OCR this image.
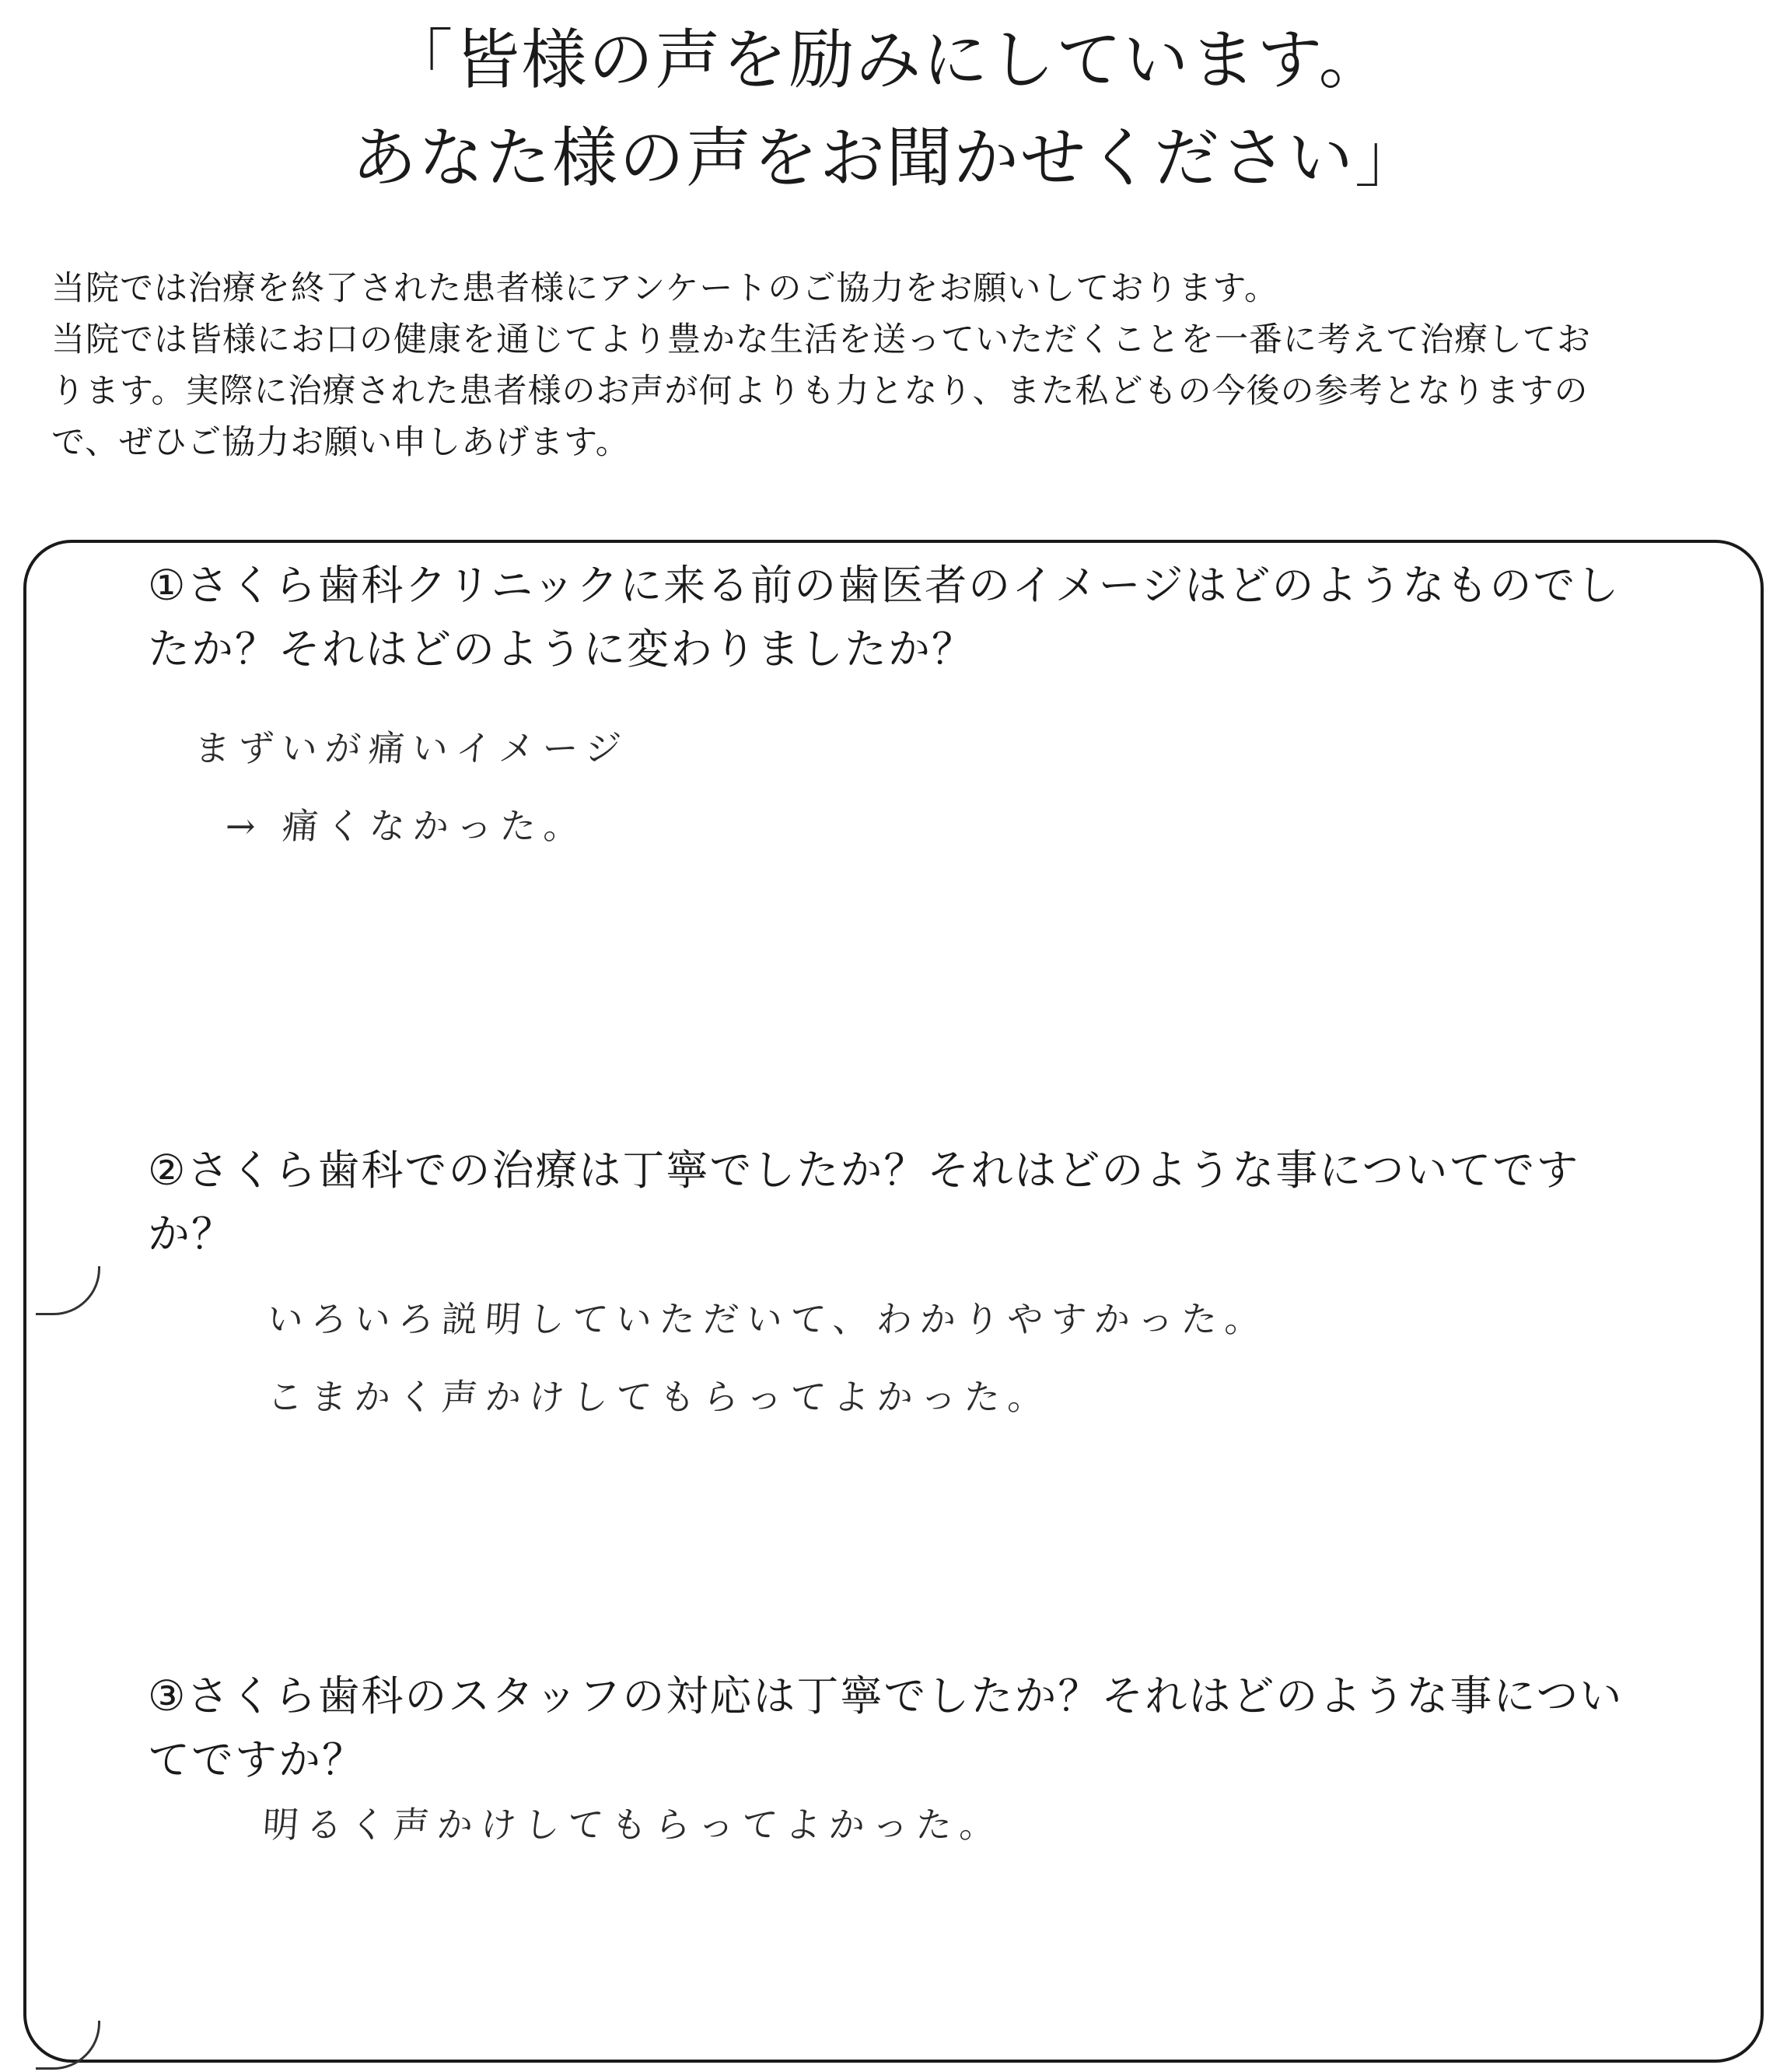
「皆様の声を励みにしています。
あなた様の声をお聞かせください」

当院では治療を終了された患者様にアンケートのご協力をお願いしております。

当院では皆様にお口の健康を通じてより豊かな生活を送っていただくことを一番に考えて治療してお

ります。実際に治療された患者様のお声が何よりも力となり、また私どもの今後の参考となりますの

で、ぜひご協力お願い申しあげます。

①さくら歯科クリニックに来る前の歯医者のイメージはどのようなものでし
たか？それはどのように変わりましたか？
まずいが痛いイメージ
→ 痛くなかった。
②さくら歯科での治療は丁寧でしたか？それはどのような事についてです
か？
いろいろ説明していただいて、わかりやすかった。
こまかく声かけしてもらってよかった。
③さくら歯科のスタッフの対応は丁寧でしたか？それはどのような事につい
てですか？
明るく声かけしてもらってよかった。
